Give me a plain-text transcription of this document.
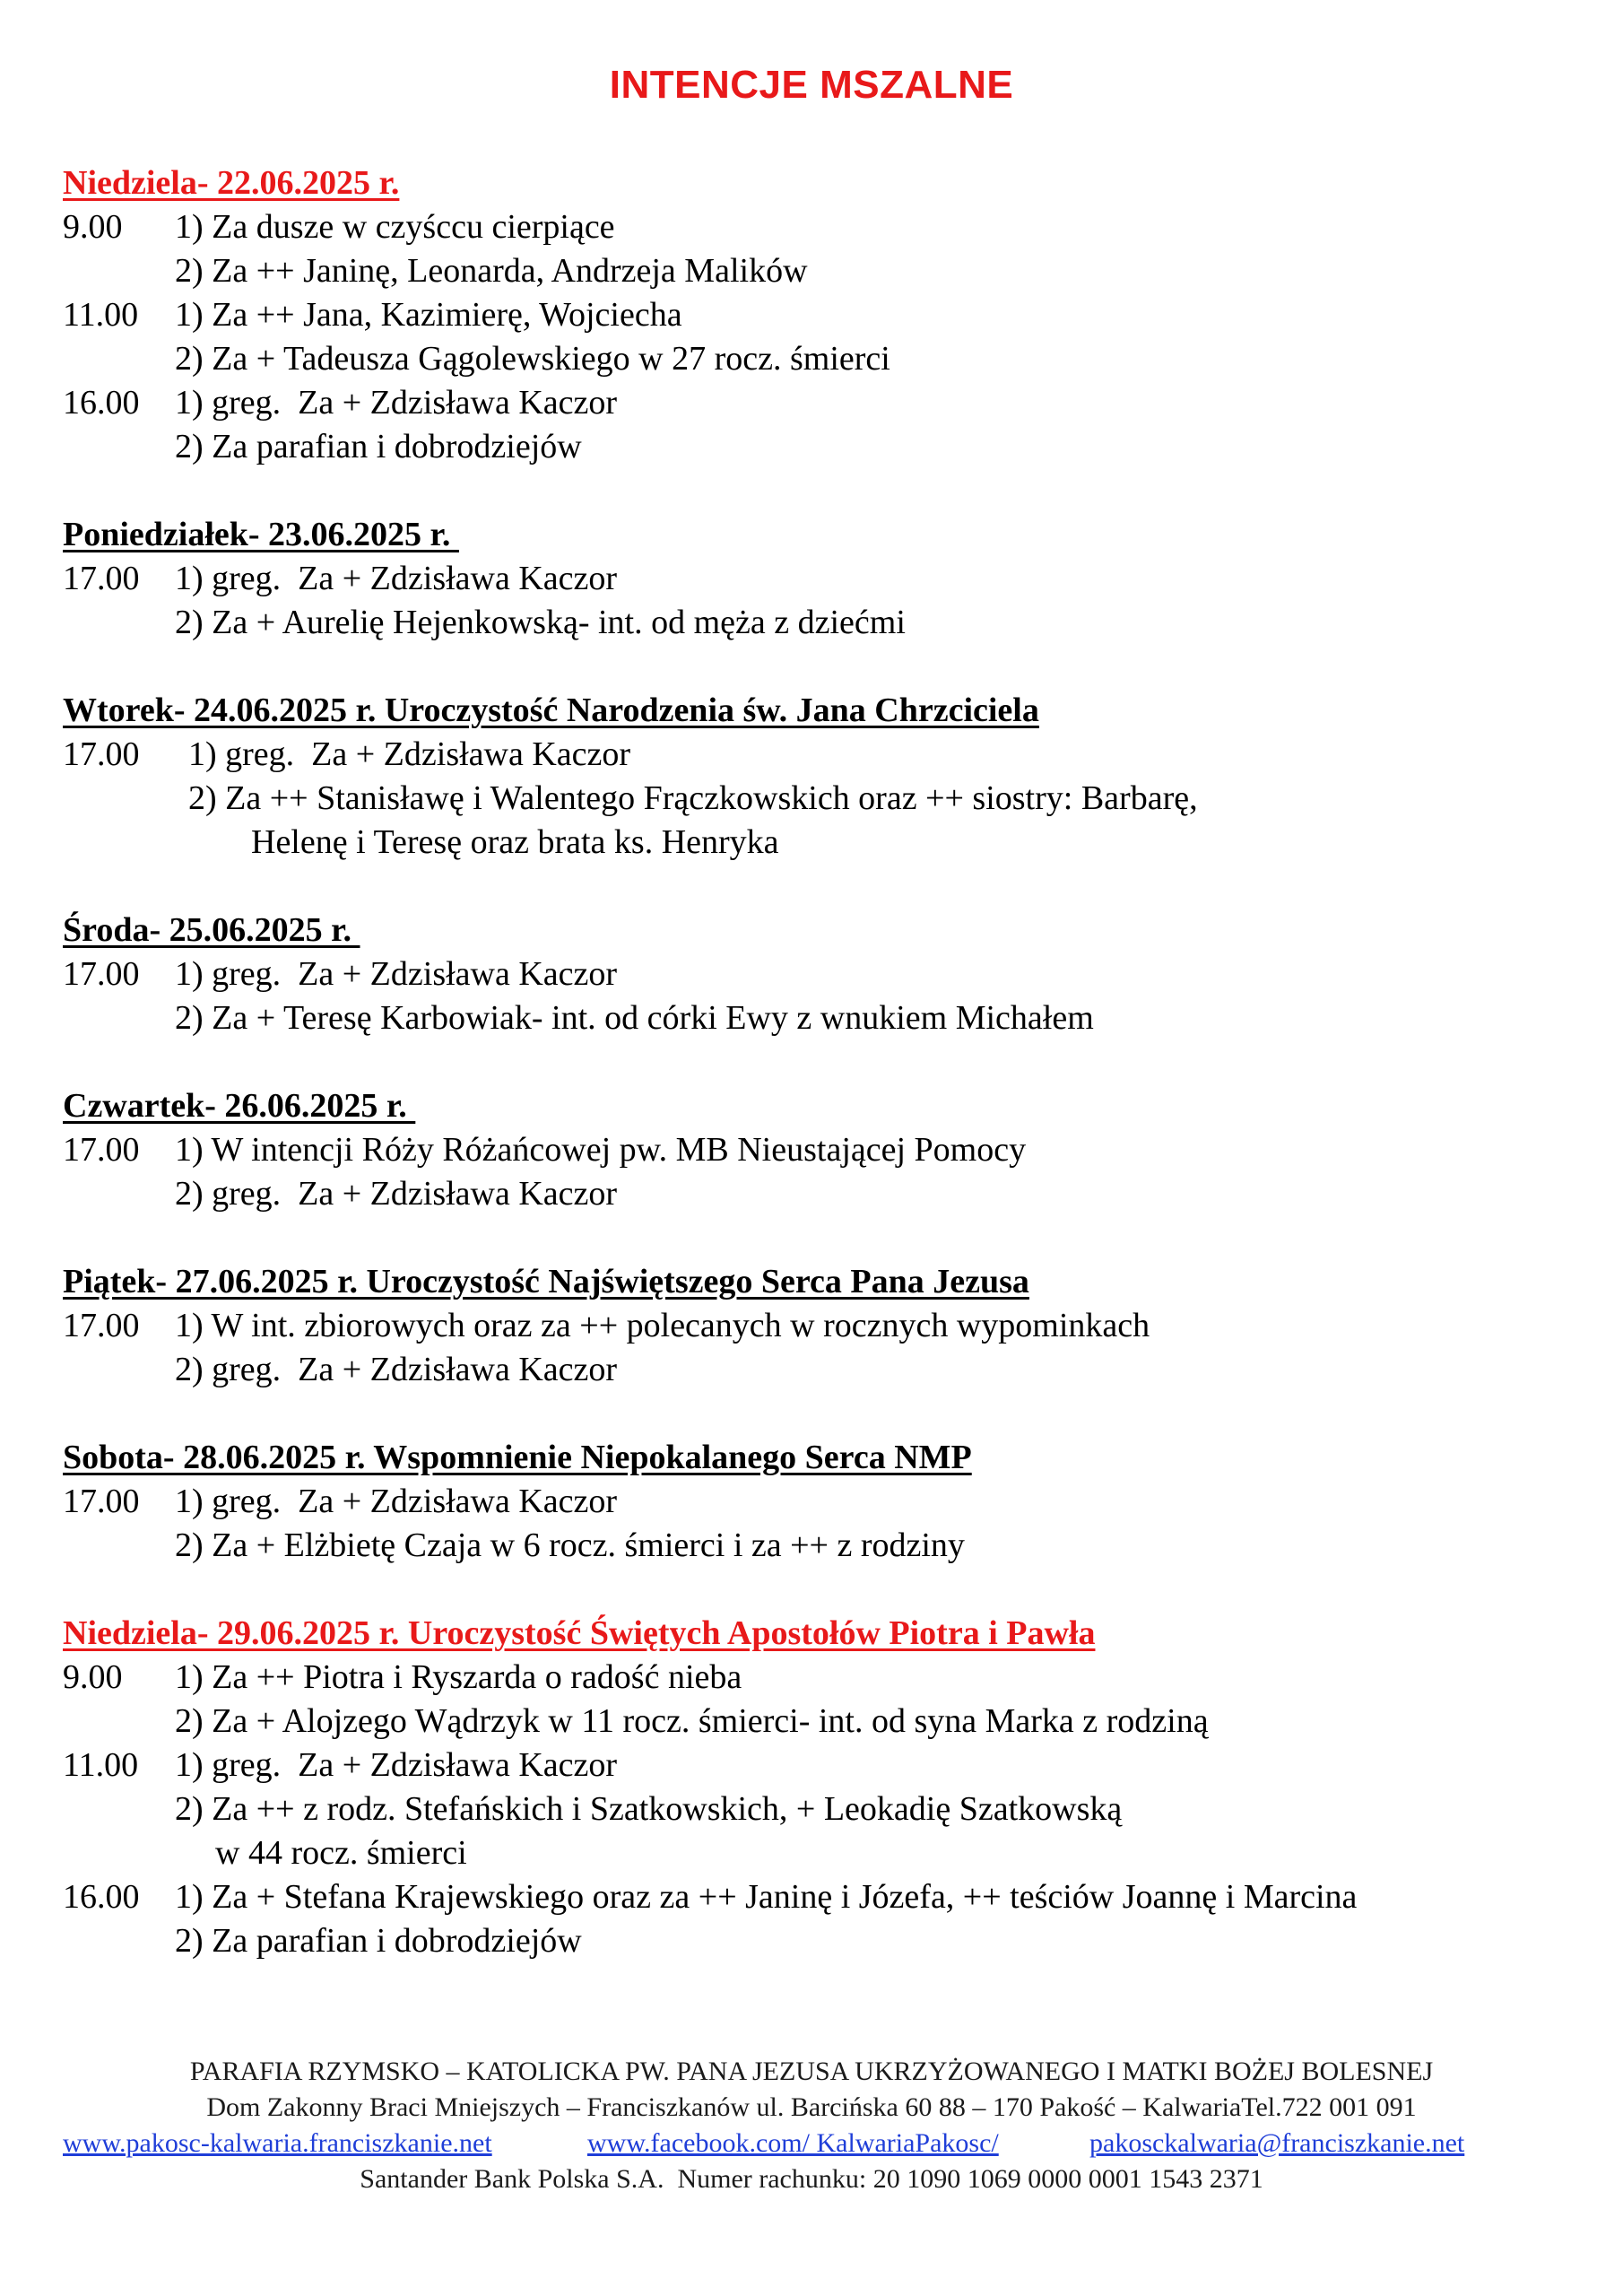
INTENCJE MSZALNE
Niedziela- 22.06.2025 r.

9.00

1) Za dusze w czyśccu cierpiące

2) Za ++ Janinę, Leonarda, Andrzeja Malików

11.00

1) Za ++ Jana, Kazimierę, Wojciecha

2) Za + Tadeusza Gągolewskiego w 27 rocz. śmierci

16.00

1) greg.  Za + Zdzisława Kaczor

2) Za parafian i dobrodziejów

Poniedziałek- 23.06.2025 r.

17.00

1) greg.  Za + Zdzisława Kaczor

2) Za + Aurelię Hejenkowską- int. od męża z dziećmi

Wtorek- 24.06.2025 r. Uroczystość Narodzenia św. Jana Chrzciciela

17.00

1) greg.  Za + Zdzisława Kaczor

2) Za ++ Stanisławę i Walentego Frączkowskich oraz ++ siostry: Barbarę,

Helenę i Teresę oraz brata ks. Henryka

Środa- 25.06.2025 r.

17.00

1) greg.  Za + Zdzisława Kaczor

2) Za + Teresę Karbowiak- int. od córki Ewy z wnukiem Michałem

Czwartek- 26.06.2025 r.

17.00

1) W intencji Róży Różańcowej pw. MB Nieustającej Pomocy

2) greg.  Za + Zdzisława Kaczor

Piątek- 27.06.2025 r. Uroczystość Najświętszego Serca Pana Jezusa

17.00

1) W int. zbiorowych oraz za ++ polecanych w rocznych wypominkach

2) greg.  Za + Zdzisława Kaczor

Sobota- 28.06.2025 r. Wspomnienie Niepokalanego Serca NMP

17.00

1) greg.  Za + Zdzisława Kaczor

2) Za + Elżbietę Czaja w 6 rocz. śmierci i za ++ z rodziny

Niedziela- 29.06.2025 r. Uroczystość Świętych Apostołów Piotra i Pawła

9.00

1) Za ++ Piotra i Ryszarda o radość nieba

2) Za + Alojzego Wądrzyk w 11 rocz. śmierci- int. od syna Marka z rodziną

11.00

1) greg.  Za + Zdzisława Kaczor

2) Za ++ z rodz. Stefańskich i Szatkowskich, + Leokadię Szatkowską

w 44 rocz. śmierci

16.00

1) Za + Stefana Krajewskiego oraz za ++ Janinę i Józefa, ++ teściów Joannę i Marcina

2) Za parafian i dobrodziejów

PARAFIA RZYMSKO – KATOLICKA PW. PANA JEZUSA UKRZYŻOWANEGO I MATKI BOŻEJ BOLESNEJ
Dom Zakonny Braci Mniejszych – Franciszkanów ul. Barcińska 60 88 – 170 Pakość – KalwariaTel.722 001 091
www.pakosc-kalwaria.franciszkanie.net	www.facebook.com/ KalwariaPakosc/	pakosckalwaria@franciszkanie.net
Santander Bank Polska S.A.  Numer rachunku: 20 1090 1069 0000 0001 1543 2371
